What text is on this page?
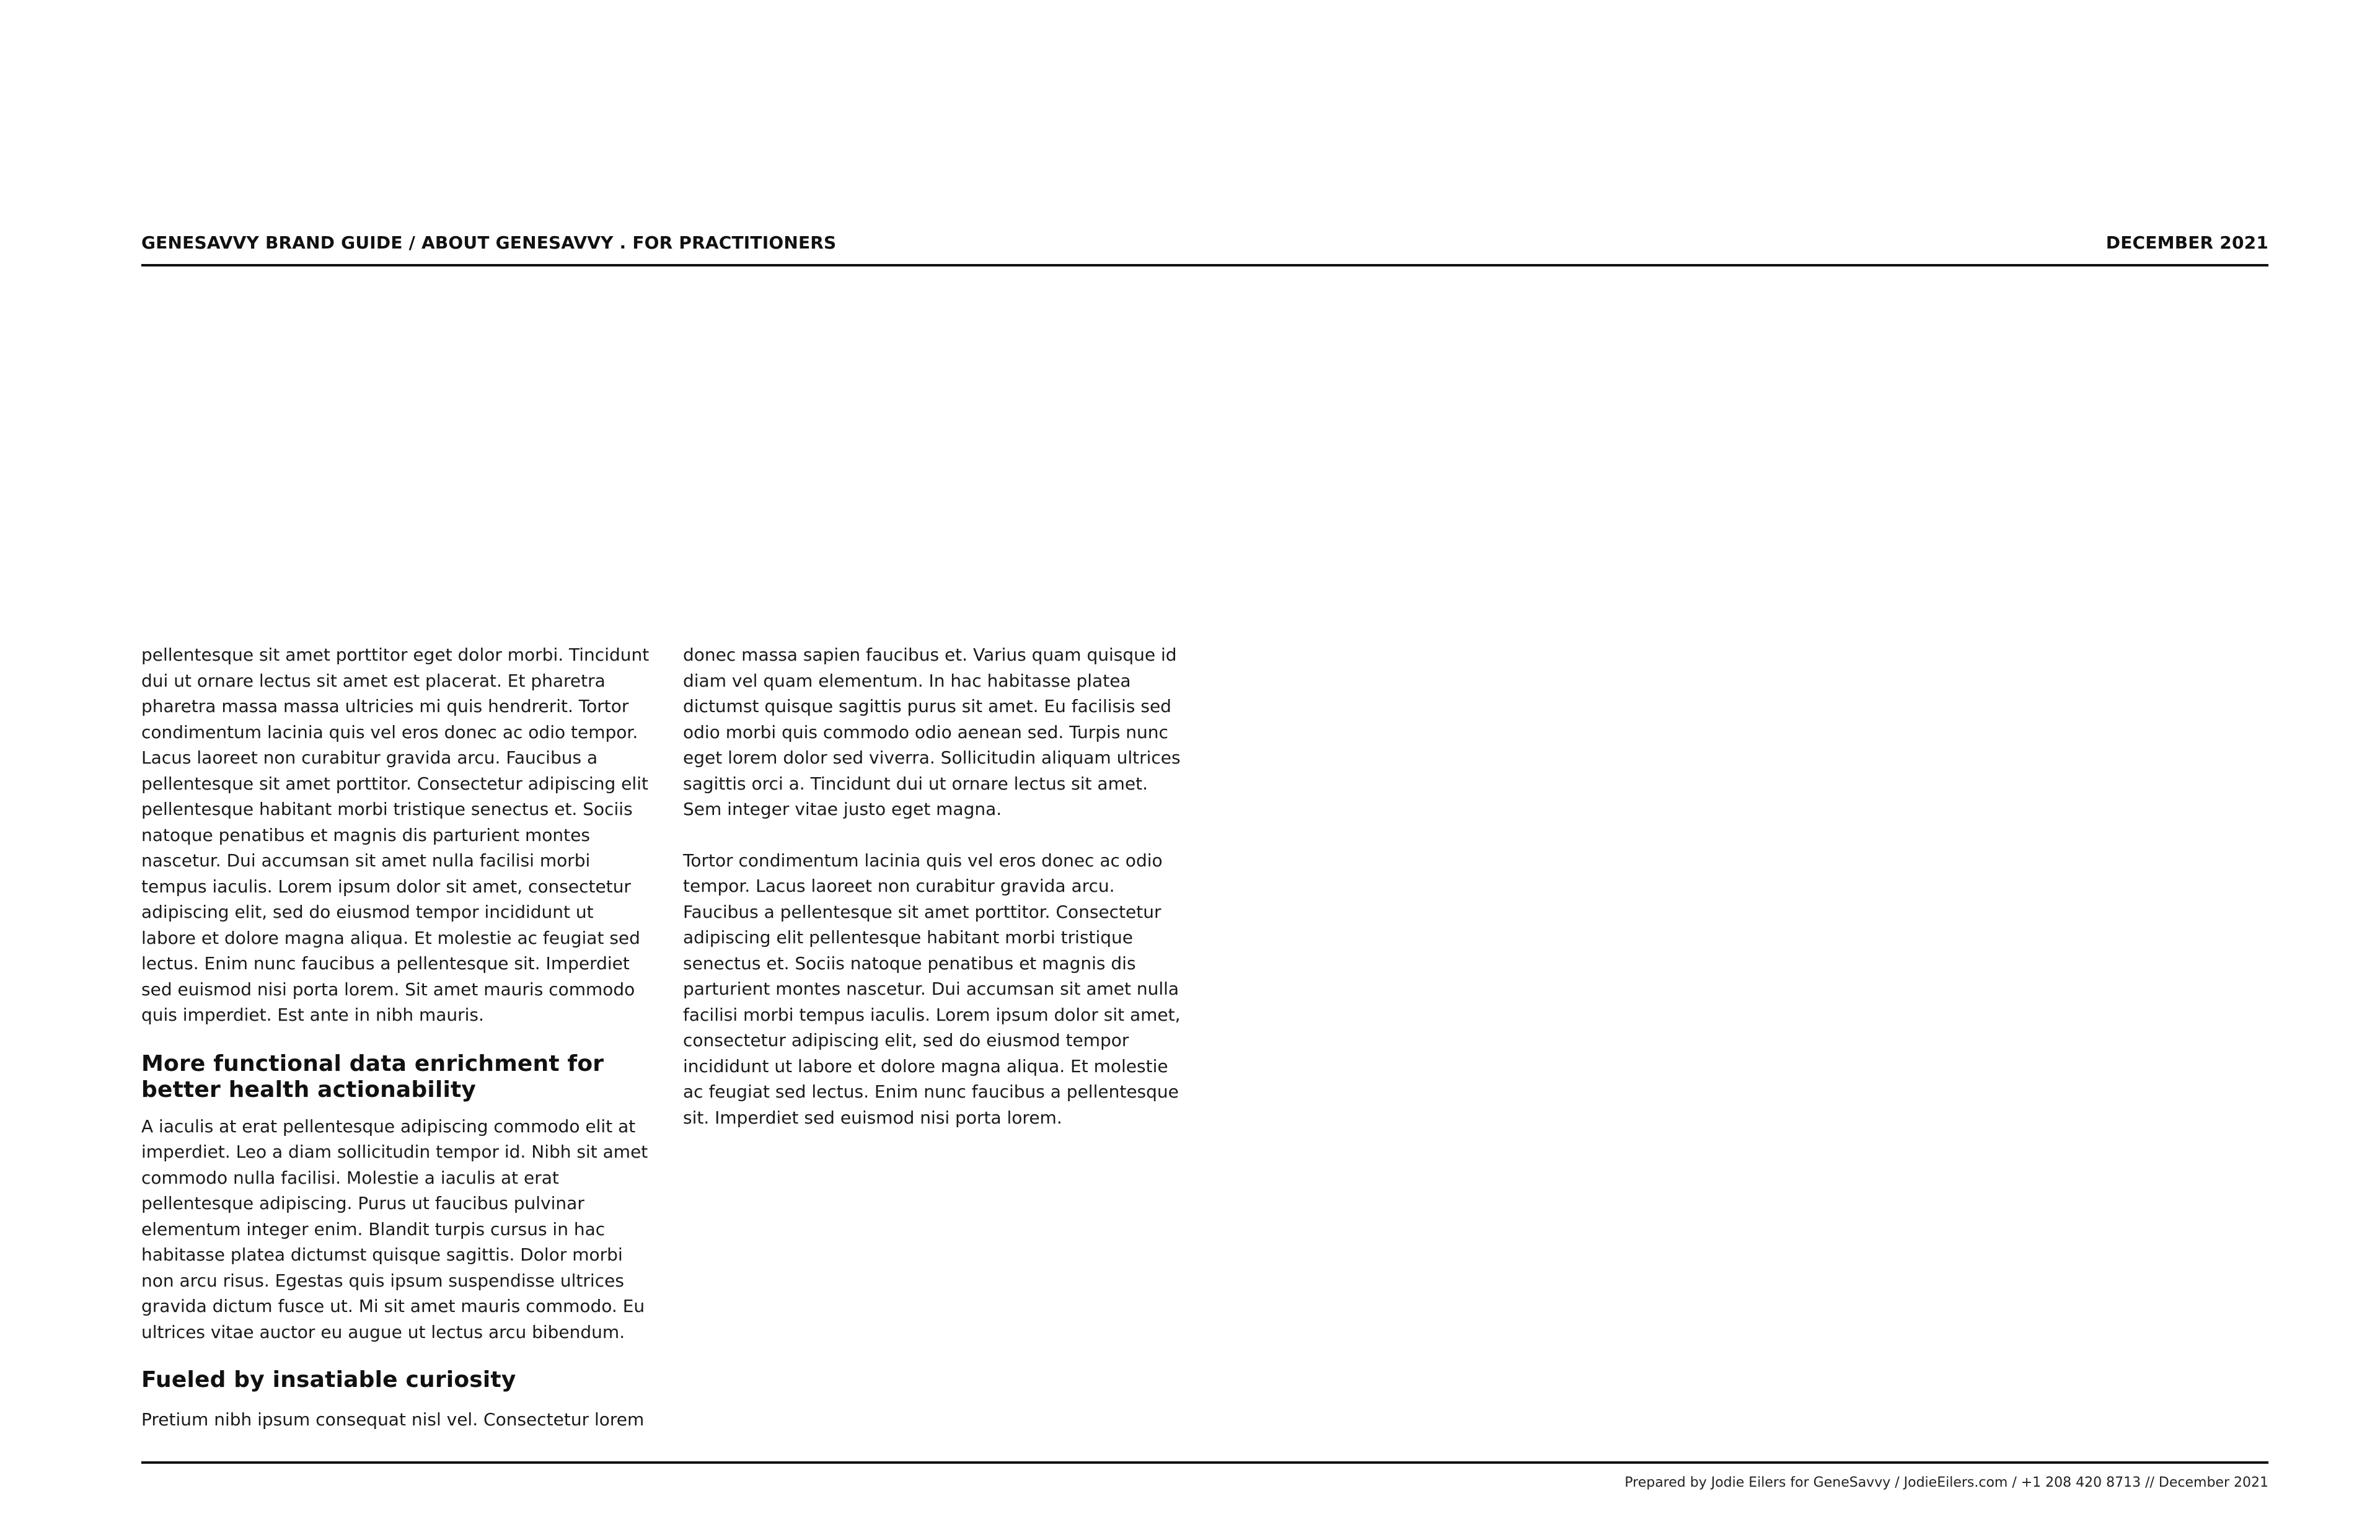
GENESAVVY BRAND GUIDE / ABOUT GENESAVVY . FOR PRACTITIONERS	DECEMBER 2021

pellentesque sit amet porttitor eget dolor morbi. Tincidunt dui ut ornare lectus sit amet est placerat. Et pharetra pharetra massa massa ultricies mi quis hendrerit. Tortor condimentum lacinia quis vel eros donec ac odio tempor. Lacus laoreet non curabitur gravida arcu. Faucibus a pellentesque sit amet porttitor. Consectetur adipiscing elit pellentesque habitant morbi tristique senectus et. Sociis natoque penatibus et magnis dis parturient montes nascetur. Dui accumsan sit amet nulla facilisi morbi tempus iaculis. Lorem ipsum dolor sit amet, consectetur adipiscing elit, sed do eiusmod tempor incididunt ut labore et dolore magna aliqua. Et molestie ac feugiat sed lectus. Enim nunc faucibus a pellentesque sit. Imperdiet sed euismod nisi porta lorem. Sit amet mauris commodo quis imperdiet. Est ante in nibh mauris.

More functional data enrichment for better health actionability

A iaculis at erat pellentesque adipiscing commodo elit at imperdiet. Leo a diam sollicitudin tempor id. Nibh sit amet commodo nulla facilisi. Molestie a iaculis at erat pellentesque adipiscing. Purus ut faucibus pulvinar elementum integer enim. Blandit turpis cursus in hac habitasse platea dictumst quisque sagittis. Dolor morbi non arcu risus. Egestas quis ipsum suspendisse ultrices gravida dictum fusce ut. Mi sit amet mauris commodo. Eu ultrices vitae auctor eu augue ut lectus arcu bibendum.

Fueled by insatiable curiosity

Pretium nibh ipsum consequat nisl vel. Consectetur lorem

donec massa sapien faucibus et. Varius quam quisque id diam vel quam elementum. In hac habitasse platea dictumst quisque sagittis purus sit amet. Eu facilisis sed odio morbi quis commodo odio aenean sed. Turpis nunc eget lorem dolor sed viverra. Sollicitudin aliquam ultrices sagittis orci a. Tincidunt dui ut ornare lectus sit amet. Sem integer vitae justo eget magna.

Tortor condimentum lacinia quis vel eros donec ac odio tempor. Lacus laoreet non curabitur gravida arcu. Faucibus a pellentesque sit amet porttitor. Consectetur adipiscing elit pellentesque habitant morbi tristique senectus et. Sociis natoque penatibus et magnis dis parturient montes nascetur. Dui accumsan sit amet nulla facilisi morbi tempus iaculis. Lorem ipsum dolor sit amet, consectetur adipiscing elit, sed do eiusmod tempor incididunt ut labore et dolore magna aliqua. Et molestie ac feugiat sed lectus. Enim nunc faucibus a pellentesque sit. Imperdiet sed euismod nisi porta lorem.

Prepared by Jodie Eilers for GeneSavvy / JodieEilers.com / +1 208 420 8713 // December 2021
